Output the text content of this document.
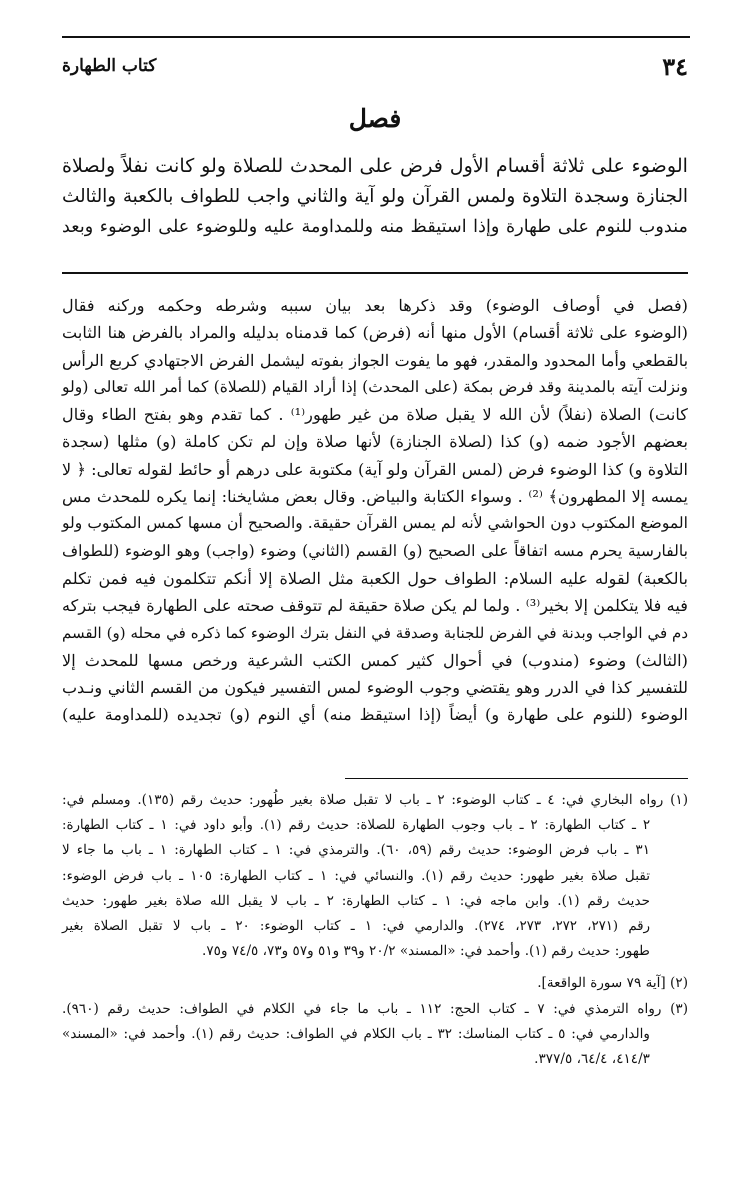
٣٤
كتاب الطهارة
فصل
الوضوء على ثلاثة أقسام الأول فرض على المحدث للصلاة ولو كانت نفلاً ولصلاة
الجنازة وسجدة التلاوة ولمس القرآن ولو آية والثاني واجب للطواف بالكعبة والثالث
مندوب للنوم على طهارة وإذا استيقظ منه وللمداومة عليه وللوضوء على الوضوء وبعد
(فصل في أوصاف الوضوء) وقد ذكرها بعد بيان سببه وشرطه وحكمه وركنه فقال
(الوضوء على ثلاثة أقسام) الأول منها أنه (فرض) كما قدمناه بدليله والمراد بالفرض هنا الثابت
بالقطعي وأما المحدود والمقدر، فهو ما يفوت الجواز بفوته ليشمل الفرض الاجتهادي كربع الرأس
ونزلت آيته بالمدينة وقد فرض بمكة (على المحدث) إذا أراد القيام (للصلاة) كما أمر الله تعالى (ولو
كانت) الصلاة (نفلاً) لأن الله لا يقبل صلاة من غير طهور⁽¹⁾ . كما تقدم وهو بفتح الطاء وقال
بعضهم الأجود ضمه (و) كذا (لصلاة الجنازة) لأنها صلاة وإن لم تكن كاملة (و) مثلها (سجدة
التلاوة و) كذا الوضوء فرض (لمس القرآن ولو آية) مكتوبة على درهم أو حائط لقوله تعالى: ﴿ لا
يمسه إلا المطهرون﴾ ⁽²⁾ . وسواء الكتابة والبياض. وقال بعض مشايخنا: إنما يكره للمحدث مس
الموضع المكتوب دون الحواشي لأنه لم يمس القرآن حقيقة. والصحيح أن مسها كمس المكتوب ولو
بالفارسية يحرم مسه اتفاقاً على الصحيح (و) القسم (الثاني) وضوء (واجب) وهو الوضوء (للطواف
بالكعبة) لقوله عليه السلام: الطواف حول الكعبة مثل الصلاة إلا أنكم تتكلمون فيه فمن تكلم
فيه فلا يتكلمن إلا بخير⁽³⁾ . ولما لم يكن صلاة حقيقة لم تتوقف صحته على الطهارة فيجب بتركه
دم في الواجب وبدنة في الفرض للجنابة وصدقة في النفل بترك الوضوء كما ذكره في محله (و) القسم
(الثالث) وضوء (مندوب) في أحوال كثير كمس الكتب الشرعية ورخص مسها للمحدث إلا
للتفسير كذا في الدرر وهو يقتضي وجوب الوضوء لمس التفسير فيكون من القسم الثاني ونـدب
الوضوء (للنوم على طهارة و) أيضاً (إذا استيقظ منه) أي النوم (و) تجديده (للمداومة عليه)
(١) رواه البخاري في: ٤ ـ كتاب الوضوء: ٢ ـ باب لا تقبل صلاة بغير طُهور: حديث رقم (١٣٥). ومسلم في:
٢ ـ كتاب الطهارة: ٢ ـ باب وجوب الطهارة للصلاة: حديث رقم (١). وأبو داود في: ١ ـ كتاب الطهارة:
٣١ ـ باب فرض الوضوء: حديث رقم (٥٩، ٦٠). والترمذي في: ١ ـ كتاب الطهارة: ١ ـ باب ما جاء لا
تقبل صلاة بغير طهور: حديث رقم (١). والنسائي في: ١ ـ كتاب الطهارة: ١٠٥ ـ باب فرض الوضوء:
حديث رقم (١). وابن ماجه في: ١ ـ كتاب الطهارة: ٢ ـ باب لا يقبل الله صلاة بغير طهور: حديث
رقم (٢٧١، ٢٧٢، ٢٧٣، ٢٧٤). والدارمي في: ١ ـ كتاب الوضوء: ٢٠ ـ باب لا تقبل الصلاة بغير
طهور: حديث رقم (١). وأحمد في: «المسند» ٢٠/٢ و٣٩ و٥١ و٥٧ و٧٣، ٧٤/٥ و٧٥.
(٢) [آية ٧٩ سورة الواقعة].
(٣) رواه الترمذي في: ٧ ـ كتاب الحج: ١١٢ ـ باب ما جاء في الكلام في الطواف: حديث رقم (٩٦٠).
والدارمي في: ٥ ـ كتاب المناسك: ٣٢ ـ باب الكلام في الطواف: حديث رقم (١). وأحمد في: «المسند»
٤١٤/٣، ٦٤/٤، ٣٧٧/٥.
